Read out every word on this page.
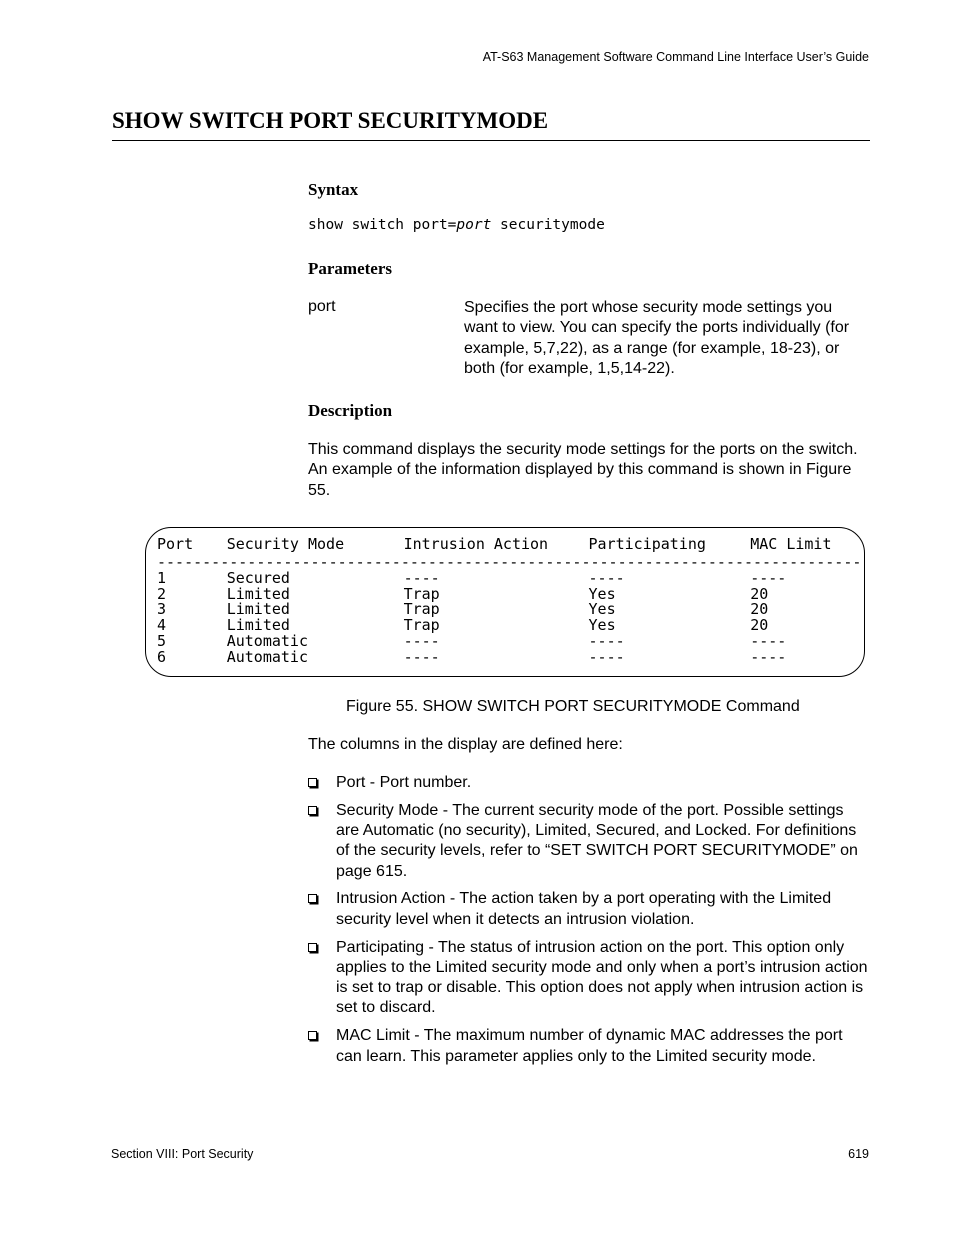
AT-S63 Management Software Command Line Interface User’s Guide
SHOW SWITCH PORT SECURITYMODE
Syntax
show switch port=port securitymode
Parameters
port	Specifies the port whose security mode settings you want to view. You can specify the ports individually (for example, 5,7,22), as a range (for example, 18-23), or both (for example, 1,5,14-22).
Description
This command displays the security mode settings for the ports on the switch. An example of the information displayed by this command is shown in Figure 55.
Port	Security Mode	Intrusion Action	Participating	MAC Limit
------------------------------------------------------------------------------				
1	Secured	----	----	----
2	Limited	Trap	Yes	20
3	Limited	Trap	Yes	20
4	Limited	Trap	Yes	20
5	Automatic	----	----	----
6	Automatic	----	----	----
Figure 55. SHOW SWITCH PORT SECURITYMODE Command
The columns in the display are defined here:
Port - Port number.
Security Mode - The current security mode of the port. Possible settings are Automatic (no security), Limited, Secured, and Locked. For definitions of the security levels, refer to “SET SWITCH PORT SECURITYMODE” on page 615.
Intrusion Action - The action taken by a port operating with the Limited security level when it detects an intrusion violation.
Participating - The status of intrusion action on the port. This option only applies to the Limited security mode and only when a port’s intrusion action is set to trap or disable. This option does not apply when intrusion action is set to discard.
MAC Limit - The maximum number of dynamic MAC addresses the port can learn. This parameter applies only to the Limited security mode.
Section VIII: Port Security	619
